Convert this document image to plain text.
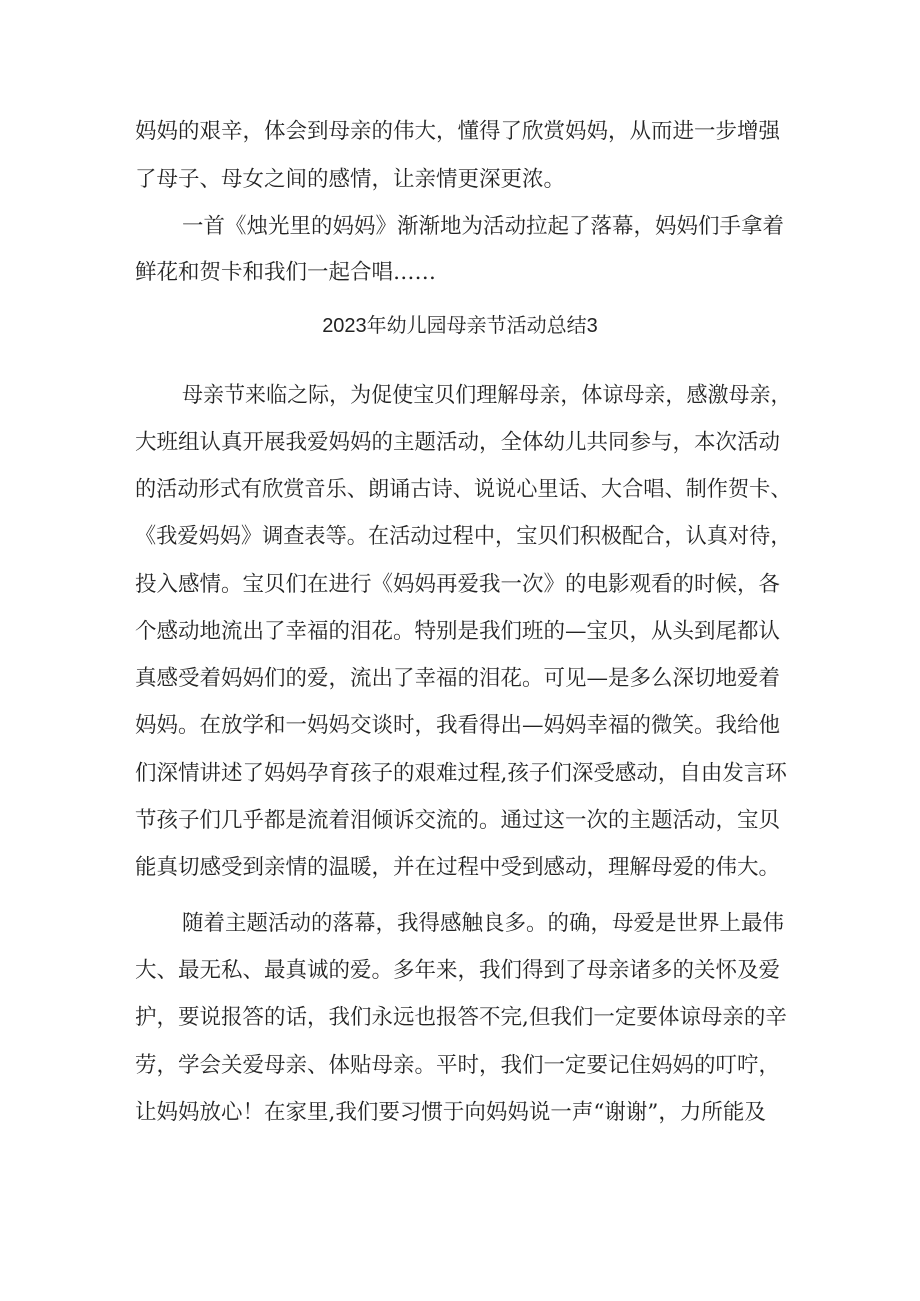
妈妈的艰辛，体会到母亲的伟大，懂得了欣赏妈妈，从而进一步增强
了母子、母女之间的感情，让亲情更深更浓。
一首《烛光里的妈妈》渐渐地为活动拉起了落幕，妈妈们手拿着
鲜花和贺卡和我们一起合唱……
2023年幼儿园母亲节活动总结3
母亲节来临之际，为促使宝贝们理解母亲，体谅母亲，感激母亲，
大班组认真开展我爱妈妈的主题活动，全体幼儿共同参与，本次活动
的活动形式有欣赏音乐、朗诵古诗、说说心里话、大合唱、制作贺卡、
《我爱妈妈》调查表等。在活动过程中，宝贝们积极配合，认真对待，
投入感情。宝贝们在进行《妈妈再爱我一次》的电影观看的时候，各
个感动地流出了幸福的泪花。特别是我们班的—宝贝，从头到尾都认
真感受着妈妈们的爱，流出了幸福的泪花。可见—是多么深切地爱着
妈妈。在放学和一妈妈交谈时，我看得出—妈妈幸福的微笑。我给他
们深情讲述了妈妈孕育孩子的艰难过程,孩子们深受感动，自由发言环
节孩子们几乎都是流着泪倾诉交流的。通过这一次的主题活动，宝贝
能真切感受到亲情的温暖，并在过程中受到感动，理解母爱的伟大。
随着主题活动的落幕，我得感触良多。的确，母爱是世界上最伟
大、最无私、最真诚的爱。多年来，我们得到了母亲诸多的关怀及爱
护，要说报答的话，我们永远也报答不完,但我们一定要体谅母亲的辛
劳，学会关爱母亲、体贴母亲。平时，我们一定要记住妈妈的叮咛，
让妈妈放心！在家里,我们要习惯于向妈妈说一声“谢谢”，力所能及
